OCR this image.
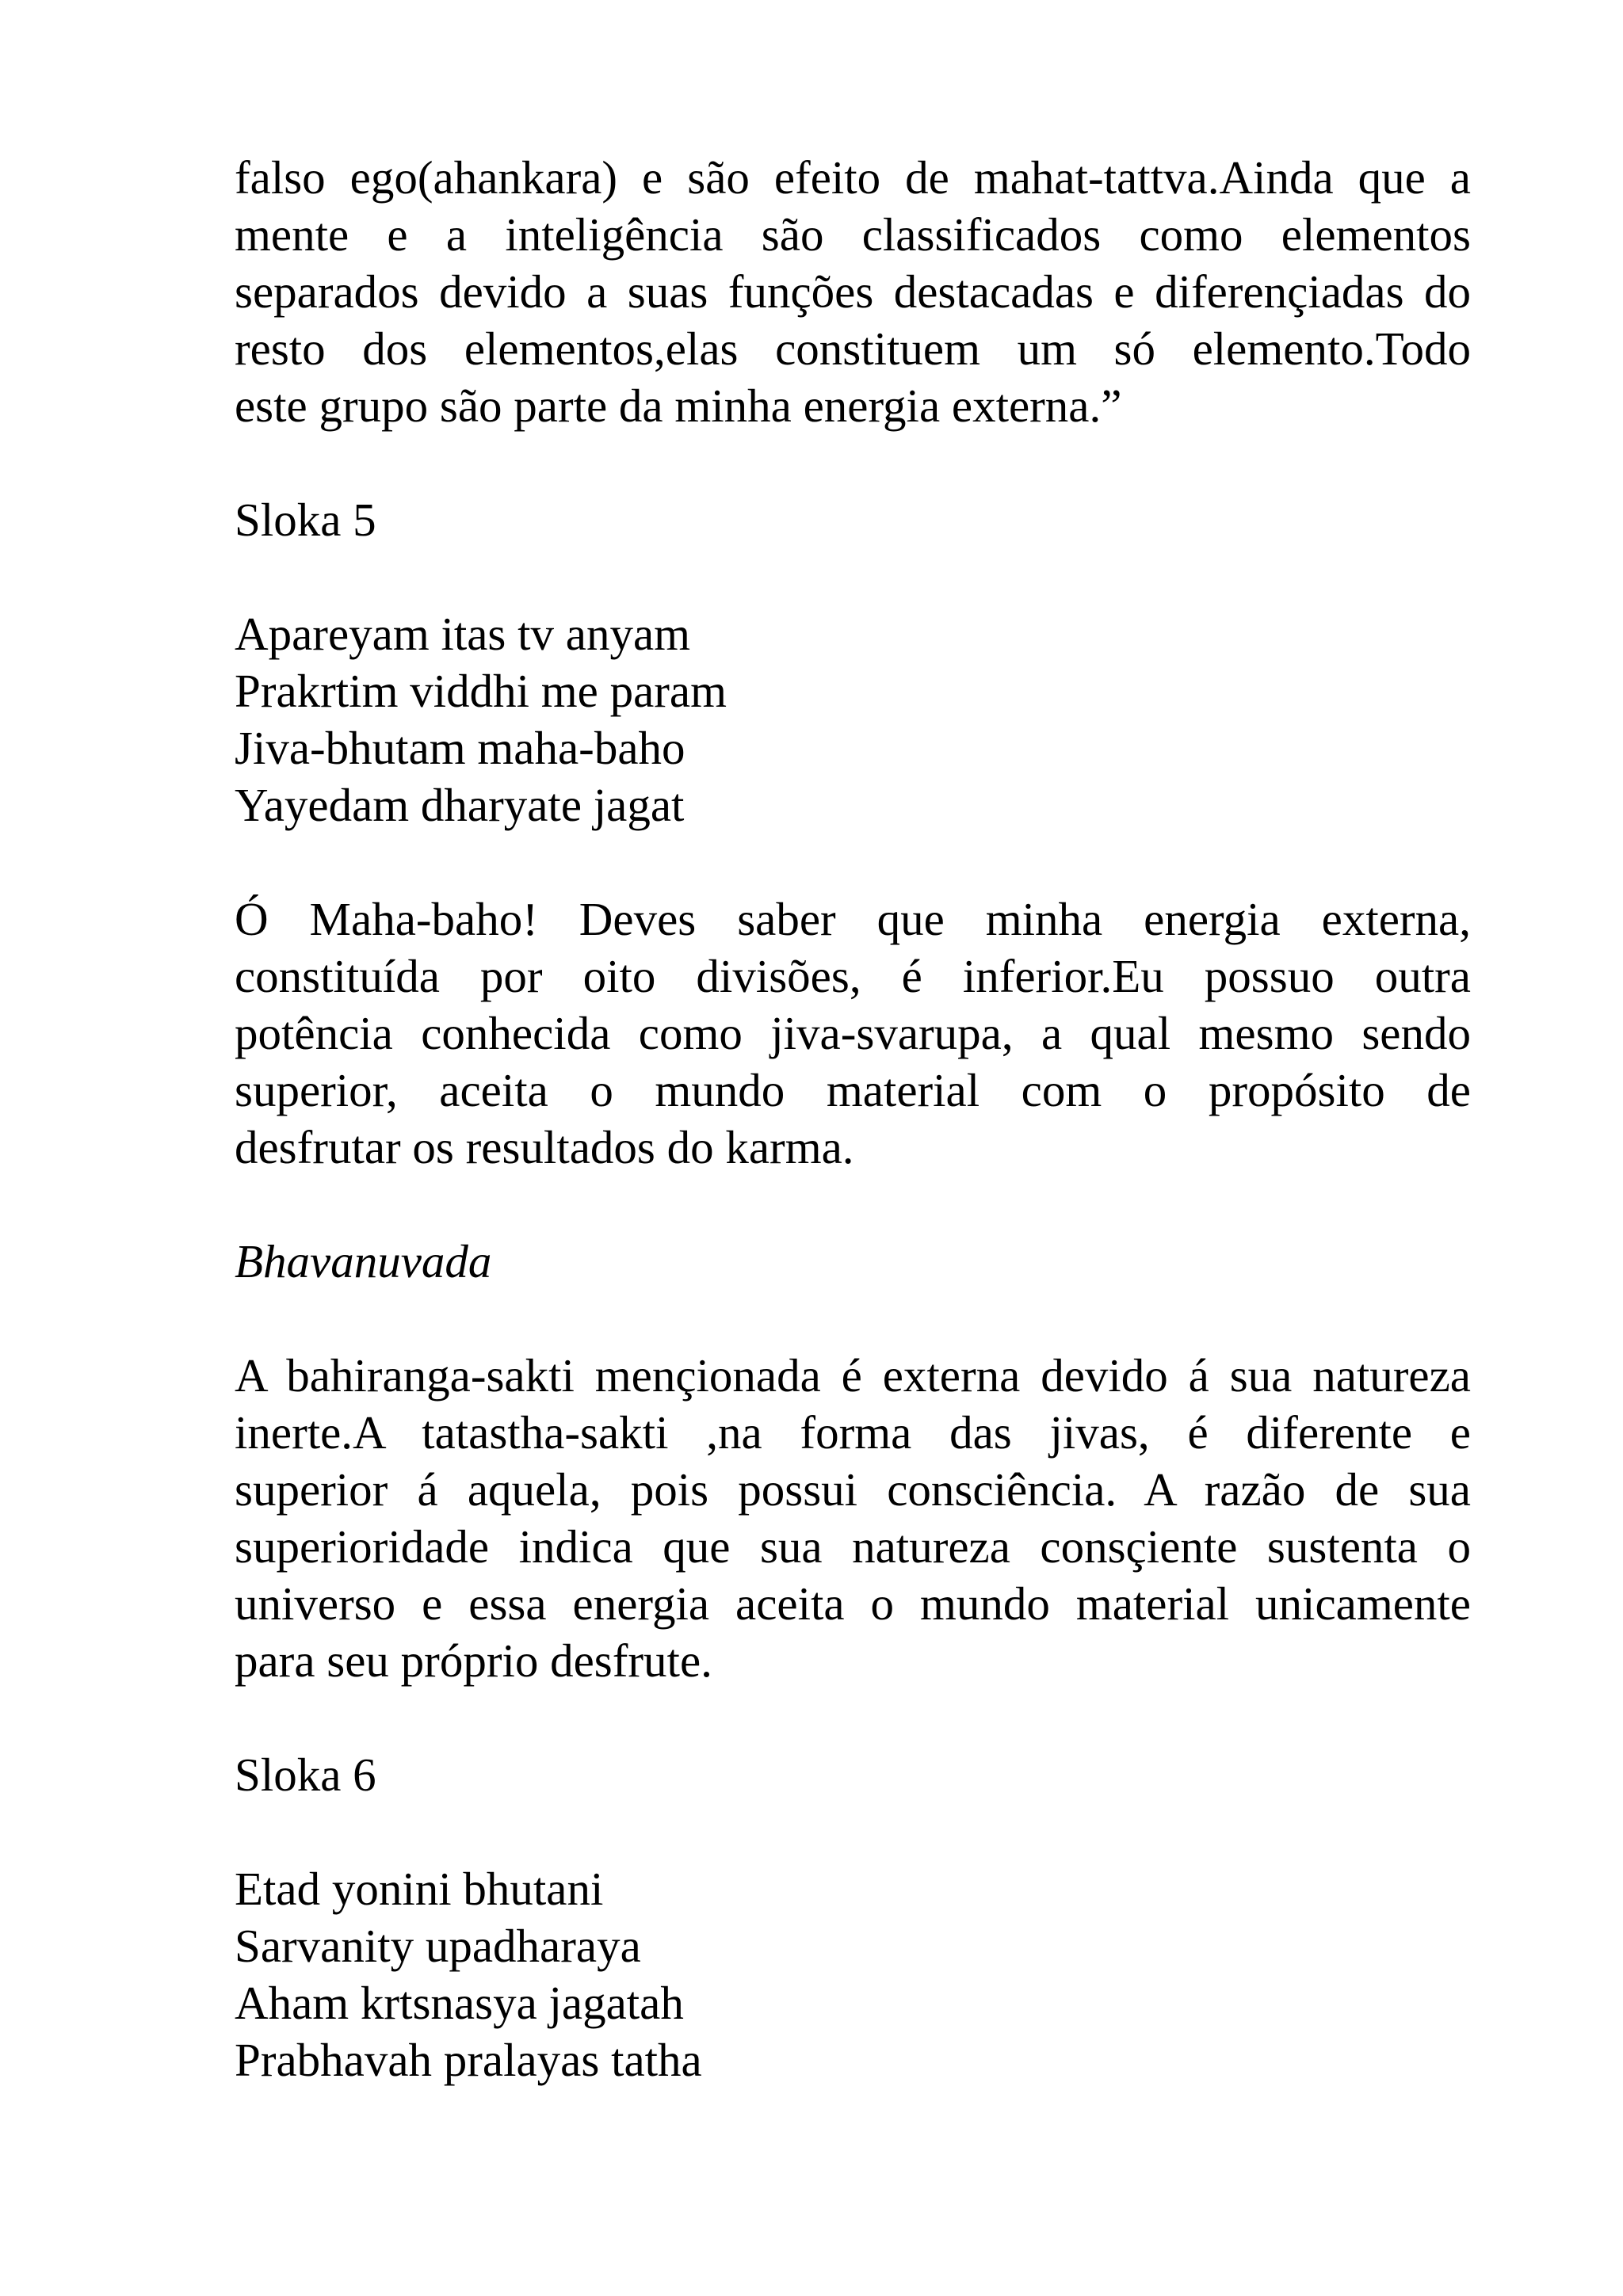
falso ego(ahankara) e são efeito de mahat-tattva.Ainda que a
mente e a inteligência são classificados como elementos
separados devido a suas funções destacadas e diferençiadas do
resto dos elementos,elas constituem um só elemento.Todo
este grupo são parte da minha energia externa.”

Sloka 5

Apareyam itas tv anyam
Prakrtim viddhi me param
Jiva-bhutam maha-baho
Yayedam dharyate jagat
Ó Maha-baho! Deves saber que minha energia externa,
constituída por oito divisões, é inferior.Eu possuo outra
potência conhecida como jiva-svarupa, a qual mesmo sendo
superior, aceita o mundo material com o propósito de
desfrutar os resultados do karma.

Bhavanuvada

A bahiranga-sakti mençionada é externa devido á sua natureza
inerte.A tatastha-sakti ,na forma das jivas, é diferente e
superior á aquela, pois possui consciência. A razão de sua
superioridade indica que sua natureza consçiente sustenta o
universo e essa energia aceita o mundo material unicamente
para seu próprio desfrute.

Sloka 6

Etad yonini bhutani
Sarvanity upadharaya
Aham krtsnasya jagatah
Prabhavah pralayas tatha
